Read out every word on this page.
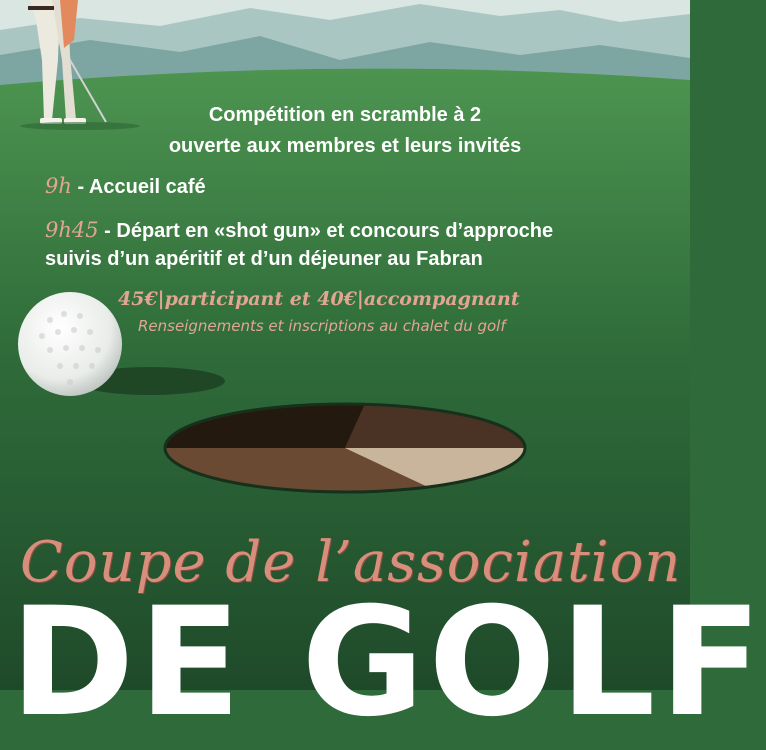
Compétition en scramble à 2
ouverte aux membres et leurs invités
9h - Accueil café
9h45 - Départ en «shot gun» et concours d’approche
suivis d’un apéritif et d’un déjeuner au Fabran
45€|participant et 40€|accompagnant
Renseignements et inscriptions au chalet du golf
Coupe de l’association
DE GOLF
